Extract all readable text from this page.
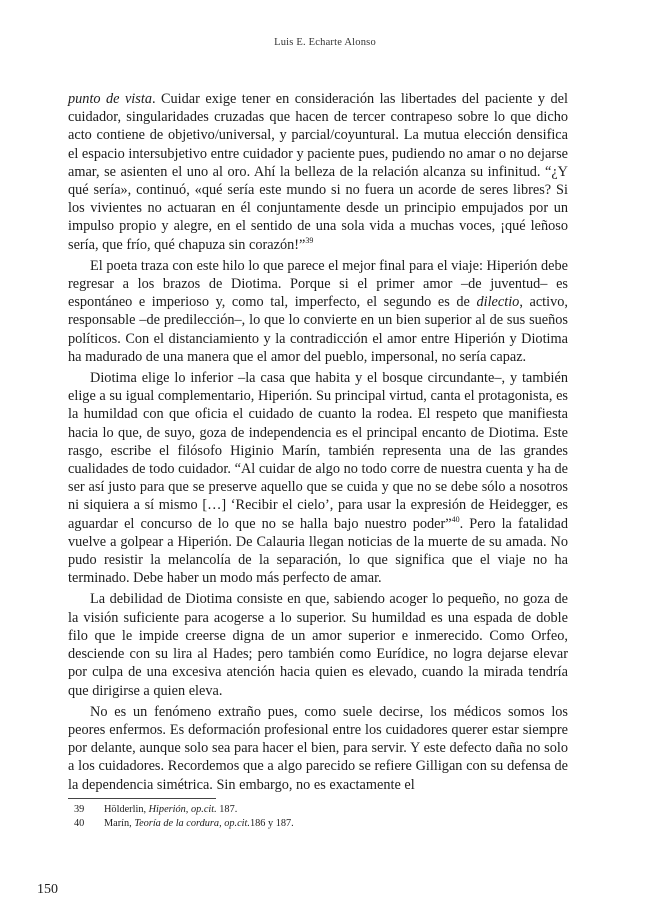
Luis E. Echarte Alonso

punto de vista. Cuidar exige tener en consideración las libertades del paciente y del cuidador, singularidades cruzadas que hacen de tercer contrapeso sobre lo que dicho acto contiene de objetivo/universal, y parcial/coyuntural. La mutua elección densifica el espacio intersubjetivo entre cuidador y paciente pues, pudiendo no amar o no dejarse amar, se asienten el uno al oro. Ahí la belleza de la relación alcanza su infinitud. “¿Y qué sería», continuó, «qué sería este mundo si no fuera un acorde de seres libres? Si los vivientes no actuaran en él conjuntamente desde un principio empujados por un impulso propio y alegre, en el sentido de una sola vida a muchas voces, ¡qué leñoso sería, que frío, qué chapuza sin corazón!”$^{39}$

El poeta traza con este hilo lo que parece el mejor final para el viaje: Hiperión debe regresar a los brazos de Diotima. Porque si el primer amor –de juventud– es espontáneo e imperioso y, como tal, imperfecto, el segundo es de dilectio, activo, responsable –de predilección–, lo que lo convierte en un bien superior al de sus sueños políticos. Con el distanciamiento y la contradicción el amor entre Hiperión y Diotima ha madurado de una manera que el amor del pueblo, impersonal, no sería capaz.

Diotima elige lo inferior –la casa que habita y el bosque circundante–, y también elige a su igual complementario, Hiperión. Su principal virtud, canta el protagonista, es la humildad con que oficia el cuidado de cuanto la rodea. El respeto que manifiesta hacia lo que, de suyo, goza de independencia es el principal encanto de Diotima. Este rasgo, escribe el filósofo Higinio Marín, también representa una de las grandes cualidades de todo cuidador. “Al cuidar de algo no todo corre de nuestra cuenta y ha de ser así justo para que se preserve aquello que se cuida y que no se debe sólo a nosotros ni siquiera a sí mismo […] ‘Recibir el cielo’, para usar la expresión de Heidegger, es aguardar el concurso de lo que no se halla bajo nuestro poder”$^{40}$. Pero la fatalidad vuelve a golpear a Hiperión. De Calauria llegan noticias de la muerte de su amada. No pudo resistir la melancolía de la separación, lo que significa que el viaje no ha terminado. Debe haber un modo más perfecto de amar.

La debilidad de Diotima consiste en que, sabiendo acoger lo pequeño, no goza de la visión suficiente para acogerse a lo superior. Su humildad es una espada de doble filo que le impide creerse digna de un amor superior e inmerecido. Como Orfeo, desciende con su lira al Hades; pero también como Eurídice, no logra dejarse elevar por culpa de una excesiva atención hacia quien es elevado, cuando la mirada tendría que dirigirse a quien eleva.

No es un fenómeno extraño pues, como suele decirse, los médicos somos los peores enfermos. Es deformación profesional entre los cuidadores querer estar siempre por delante, aunque solo sea para hacer el bien, para servir. Y este defecto daña no solo a los cuidadores. Recordemos que a algo parecido se refiere Gilligan con su defensa de la dependencia simétrica. Sin embargo, no es exactamente el

39	Hölderlin, Hiperión, op.cit. 187.
40	Marín, Teoría de la cordura, op.cit.186 y 187.
150
